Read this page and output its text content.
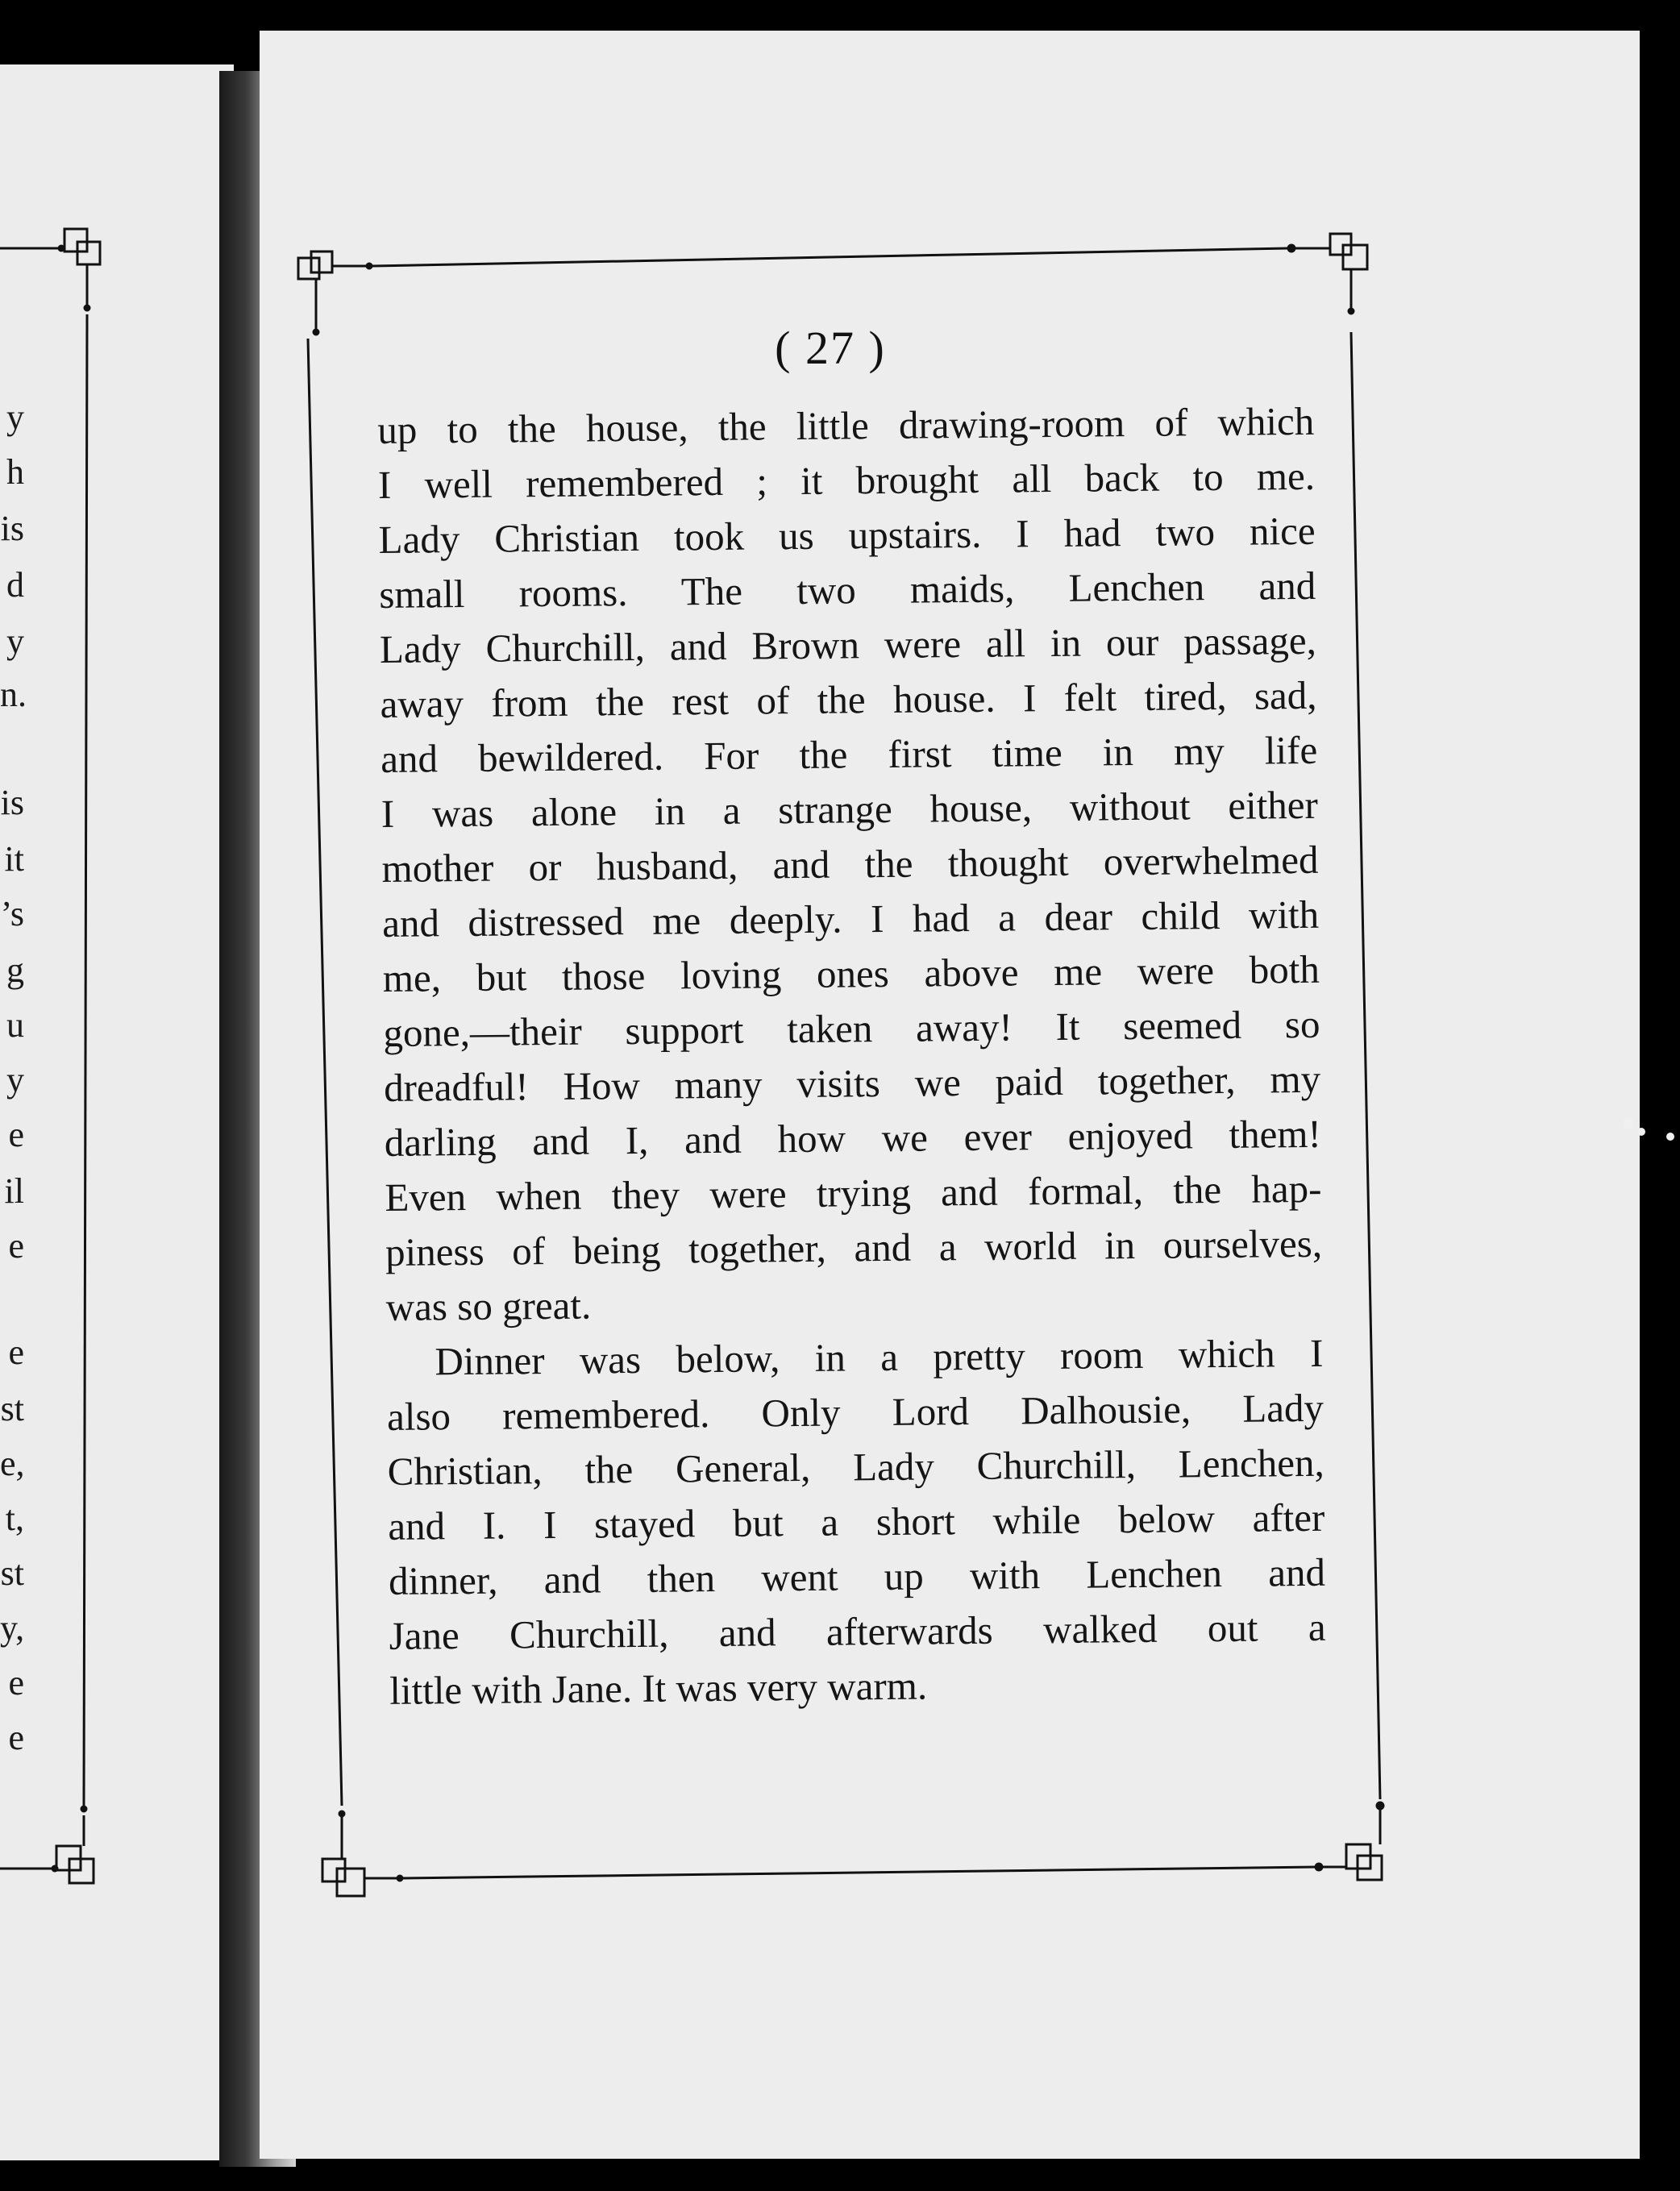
y
h
is
d
y
n.
is
it
’s
g
u
y
e
il
e
e
st
e,
t,
st
y,
e
e
( 27 )

up to the house, the little drawing-room of which
I well remembered ; it brought all back to me.
Lady Christian took us upstairs. I had two nice
small rooms. The two maids, Lenchen and
Lady Churchill, and Brown were all in our passage,
away from the rest of the house. I felt tired, sad,
and bewildered. For the first time in my life
I was alone in a strange house, without either
mother or husband, and the thought overwhelmed
and distressed me deeply. I had a dear child with
me, but those loving ones above me were both
gone,—their support taken away! It seemed so
dreadful! How many visits we paid together, my
darling and I, and how we ever enjoyed them!
Even when they were trying and formal, the hap-
piness of being together, and a world in ourselves,
was so great.

Dinner was below, in a pretty room which I
also remembered. Only Lord Dalhousie, Lady
Christian, the General, Lady Churchill, Lenchen,
and I. I stayed but a short while below after
dinner, and then went up with Lenchen and
Jane Churchill, and afterwards walked out a
little with Jane. It was very warm.
